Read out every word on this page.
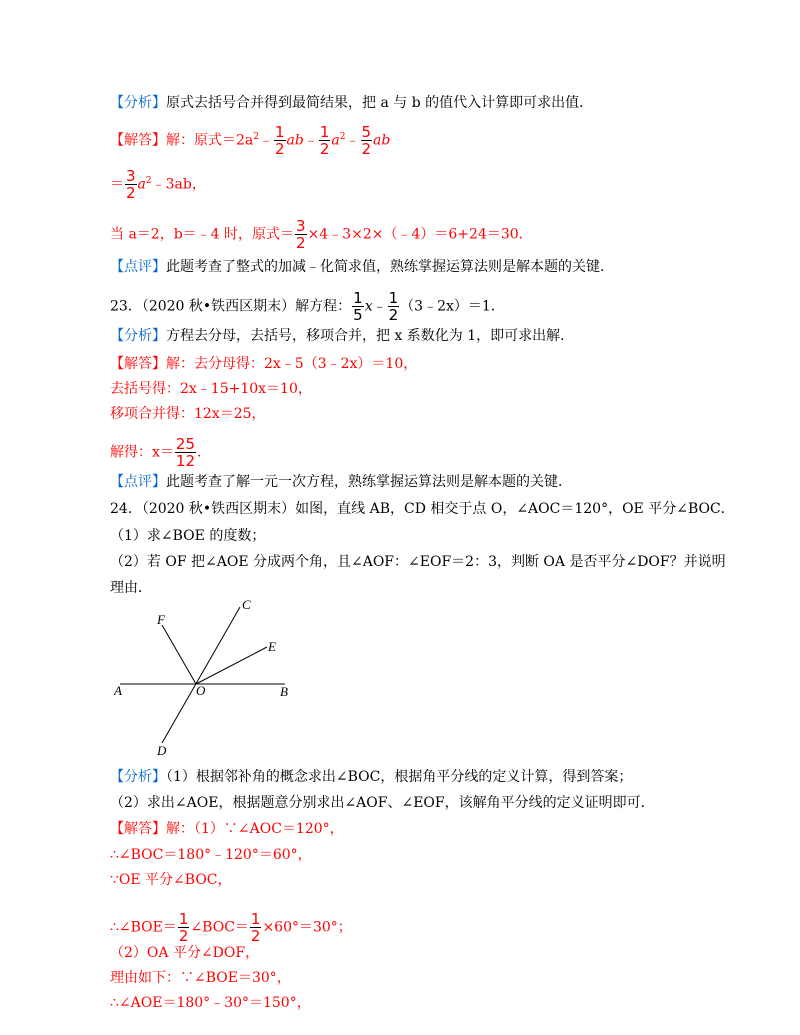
【分析】原式去括号合并得到最简结果，把 a 与 b 的值代入计算即可求出值．
【解答】解：原式$=2a^2﹣ \frac{1}{2}$ ab﹣ $\frac{1}{2}$ $a^2﹣ \frac{5}{2}$ ab
＝ $\frac{3}{2}$ $a^2﹣3ab$，
当 a＝2，b＝﹣4 时，原式＝ $\frac{3}{2}$ ×4﹣3×2×（﹣4）＝6+24＝30．
【点评】此题考查了整式的加减﹣化简求值，熟练掌握运算法则是解本题的关键．
23．（2020 秋•铁西区期末）解方程： $\frac{1}{5}$ x﹣ $\frac{1}{2}$ （3﹣2x）＝1．
【分析】方程去分母，去括号，移项合并，把 x 系数化为 1，即可求出解．
【解答】解：去分母得：2x﹣5（3﹣2x）＝10，
去括号得：2x﹣15+10x＝10，
移项合并得：12x＝25，
解得：$x= \frac{25}{12}$ ．
【点评】此题考查了解一元一次方程，熟练掌握运算法则是解本题的关键．
24．（2020 秋•铁西区期末）如图，直线 AB，CD 相交于点 O，∠AOC＝120°，OE 平分∠BOC．
（1）求∠BOE 的度数；
（2）若 OF 把∠AOE 分成两个角，且∠AOF：∠EOF＝2：3，判断 OA 是否平分∠DOF？并说明
理由．
A	B
C
D
E
F
O
【分析】（1）根据邻补角的概念求出∠BOC，根据角平分线的定义计算，得到答案；
（2）求出∠AOE，根据题意分别求出∠AOF、∠EOF，该解角平分线的定义证明即可．
【解答】解：（1）∵∠AOC＝120°，
∴∠BOC＝180°﹣120°＝60°，
∵OE 平分∠BOC，
∴∠BOE＝ $\frac{1}{2}$ ∠BOC＝ $\frac{1}{2} \times 60^\circ=30^\circ$；
（2）OA 平分∠DOF，
理由如下：∵∠BOE＝30°，
∴∠AOE＝180°﹣30°＝150°，
